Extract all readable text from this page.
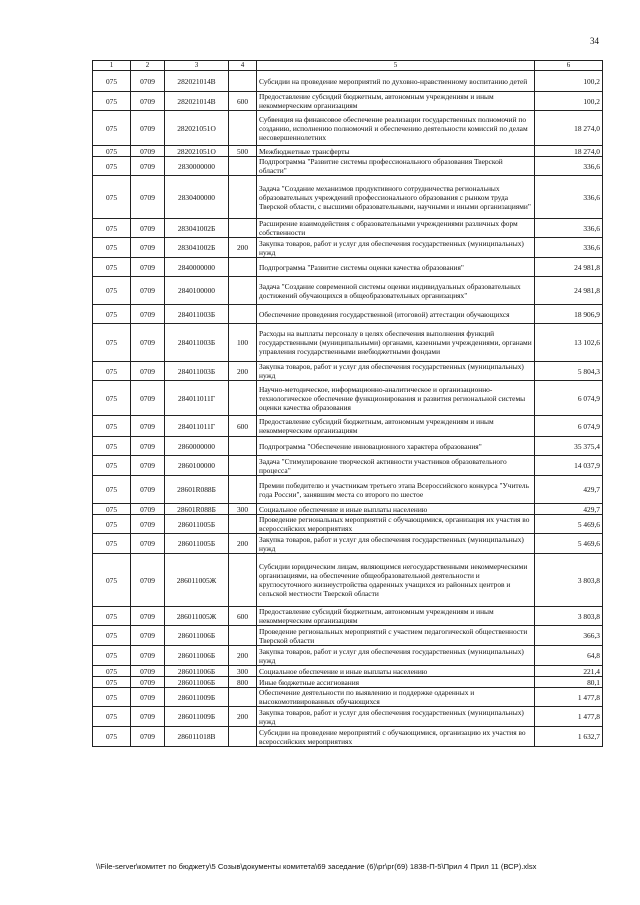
34
1	2	3	4	5	6
075	0709	282021014В		Субсидии на проведение мероприятий по духовно-нравственному воспитанию детей	100,2
075	0709	282021014В	600	Предоставление субсидий бюджетным, автономным учреждениям и иным некоммерческим организациям	100,2
075	0709	282021051О		Субвенция на финансовое обеспечение реализации государственных полномочий по созданию, исполнению полномочий и обеспечению деятельности комиссий по делам несовершеннолетних	18 274,0
075	0709	282021051О	500	Межбюджетные трансферты	18 274,0
075	0709	2830000000		Подпрограмма "Развитие системы профессионального образования Тверской области"	336,6
075	0709	2830400000		Задача "Создание механизмов продуктивного сотрудничества региональных образовательных учреждений профессионального образования с рынком труда Тверской области, с высшими образовательными, научными и иными организациями"	336,6
075	0709	283041002Б		Расширение взаимодействия с образовательными учреждениями различных форм собственности	336,6
075	0709	283041002Б	200	Закупка товаров, работ и услуг для обеспечения государственных (муниципальных) нужд	336,6
075	0709	2840000000		Подпрограмма "Развитие системы оценки качества образования"	24 981,8
075	0709	2840100000		Задача "Создание современной системы оценки индивидуальных образовательных достижений обучающихся в общеобразовательных организациях"	24 981,8
075	0709	284011003Б		Обеспечение проведения государственной (итоговой) аттестации обучающихся	18 906,9
075	0709	284011003Б	100	Расходы на выплаты персоналу в целях обеспечения выполнения функций государственными (муниципальными) органами, казенными учреждениями, органами управления государственными внебюджетными фондами	13 102,6
075	0709	284011003Б	200	Закупка товаров, работ и услуг для обеспечения государственных (муниципальных) нужд	5 804,3
075	0709	284011011Г		Научно-методическое, информационно-аналитическое и организационно-технологическое обеспечение функционирования и развития региональной системы оценки качества образования	6 074,9
075	0709	284011011Г	600	Предоставление субсидий бюджетным, автономным учреждениям и иным некоммерческим организациям	6 074,9
075	0709	2860000000		Подпрограмма "Обеспечение инновационного характера образования"	35 375,4
075	0709	2860100000		Задача "Стимулирование творческой активности участников образовательного процесса"	14 037,9
075	0709	28601R088Б		Премии победителю и участникам третьего этапа Всероссийского конкурса "Учитель года России", занявшим места со второго по шестое	429,7
075	0709	28601R088Б	300	Социальное обеспечение и иные выплаты населению	429,7
075	0709	286011005Б		Проведение региональных мероприятий с обучающимися, организация их участия во всероссийских мероприятиях	5 469,6
075	0709	286011005Б	200	Закупка товаров, работ и услуг для обеспечения государственных (муниципальных) нужд	5 469,6
075	0709	286011005Ж		Субсидии юридическим лицам, являющимся негосударственными некоммерческими организациями, на обеспечение общеобразовательной деятельности и круглосуточного жизнеустройства одаренных учащихся из районных центров и сельской местности Тверской области	3 803,8
075	0709	286011005Ж	600	Предоставление субсидий бюджетным, автономным учреждениям и иным некоммерческим организациям	3 803,8
075	0709	286011006Б		Проведение региональных мероприятий с участием педагогической общественности Тверской области	366,3
075	0709	286011006Б	200	Закупка товаров, работ и услуг для обеспечения государственных (муниципальных) нужд	64,8
075	0709	286011006Б	300	Социальное обеспечение и иные выплаты населению	221,4
075	0709	286011006Б	800	Иные бюджетные ассигнования	80,1
075	0709	286011009Б		Обеспечение деятельности по выявлению и поддержке одаренных и высокомотивированных обучающихся	1 477,8
075	0709	286011009Б	200	Закупка товаров, работ и услуг для обеспечения государственных (муниципальных) нужд	1 477,8
075	0709	286011018В		Субсидии на проведение мероприятий с обучающимися, организацию их участия во всероссийских мероприятиях	1 632,7
\\File-server\комитет по бюджету\5 Созыв\документы комитета\69 заседание (6)\рг\рг(69) 1838-П-5\Прил 4 Прил 11 (ВСР).xlsx
